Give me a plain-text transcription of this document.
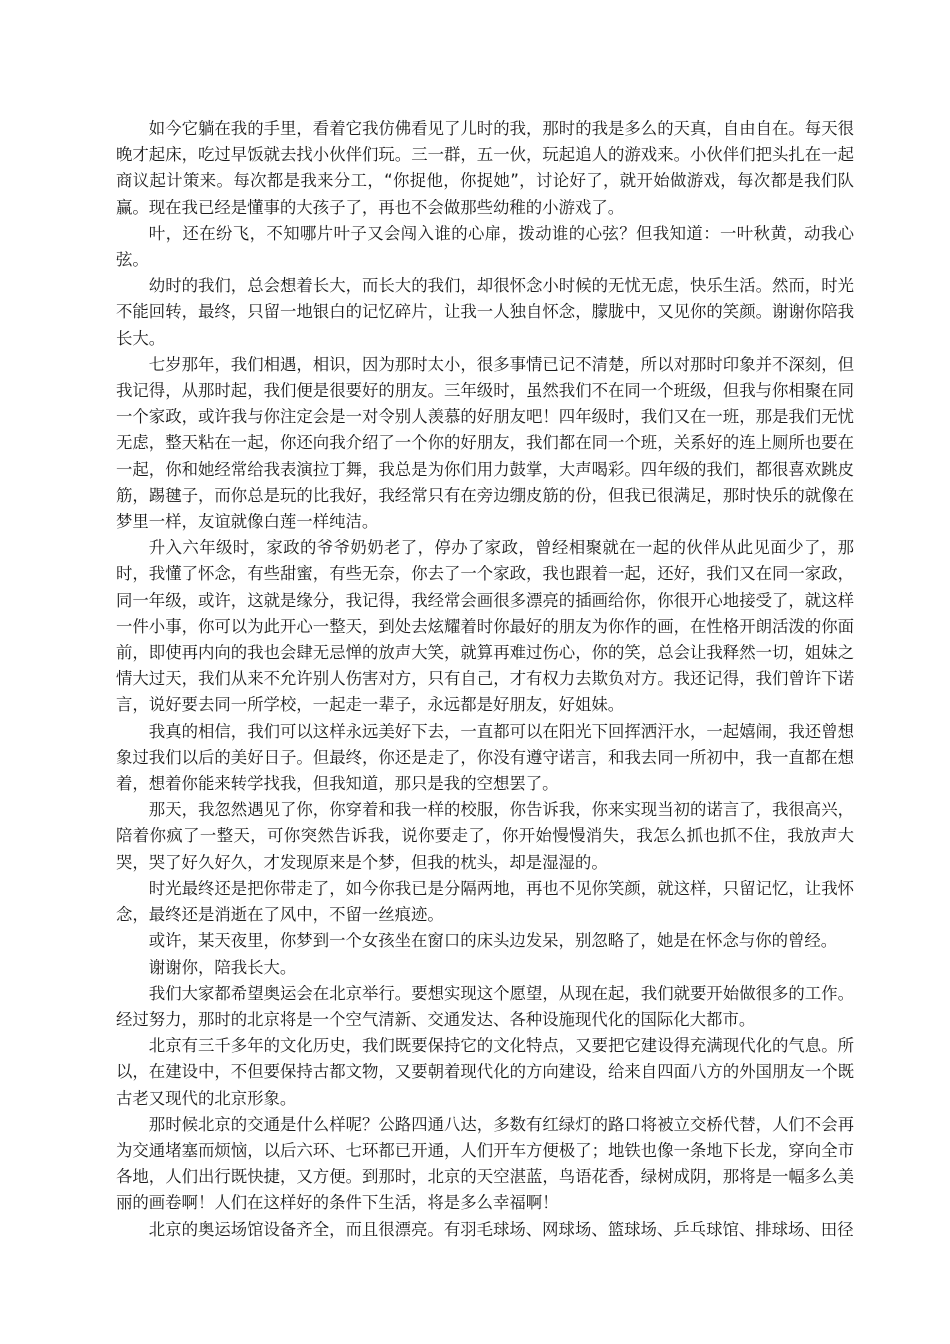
如今它躺在我的手里，看着它我仿佛看见了儿时的我，那时的我是多么的天真，自由自在。每天很晚才起床，吃过早饭就去找小伙伴们玩。三一群，五一伙，玩起追人的游戏来。小伙伴们把头扎在一起商议起计策来。每次都是我来分工，“你捉他，你捉她”，讨论好了，就开始做游戏，每次都是我们队赢。现在我已经是懂事的大孩子了，再也不会做那些幼稚的小游戏了。

叶，还在纷飞，不知哪片叶子又会闯入谁的心扉，拨动谁的心弦？但我知道：一叶秋黄，动我心弦。

幼时的我们，总会想着长大，而长大的我们，却很怀念小时候的无忧无虑，快乐生活。然而，时光不能回转，最终，只留一地银白的记忆碎片，让我一人独自怀念，朦胧中，又见你的笑颜。谢谢你陪我长大。

七岁那年，我们相遇，相识，因为那时太小，很多事情已记不清楚，所以对那时印象并不深刻，但我记得，从那时起，我们便是很要好的朋友。三年级时，虽然我们不在同一个班级，但我与你相聚在同一个家政，或许我与你注定会是一对令别人羡慕的好朋友吧！四年级时，我们又在一班，那是我们无忧无虑，整天粘在一起，你还向我介绍了一个你的好朋友，我们都在同一个班，关系好的连上厕所也要在一起，你和她经常给我表演拉丁舞，我总是为你们用力鼓掌，大声喝彩。四年级的我们，都很喜欢跳皮筋，踢毽子，而你总是玩的比我好，我经常只有在旁边绷皮筋的份，但我已很满足，那时快乐的就像在梦里一样，友谊就像白莲一样纯洁。

升入六年级时，家政的爷爷奶奶老了，停办了家政，曾经相聚就在一起的伙伴从此见面少了，那时，我懂了怀念，有些甜蜜，有些无奈，你去了一个家政，我也跟着一起，还好，我们又在同一家政，同一年级，或许，这就是缘分，我记得，我经常会画很多漂亮的插画给你，你很开心地接受了，就这样一件小事，你可以为此开心一整天，到处去炫耀着时你最好的朋友为你作的画，在性格开朗活泼的你面前，即使再内向的我也会肆无忌惮的放声大笑，就算再难过伤心，你的笑，总会让我释然一切，姐妹之情大过天，我们从来不允许别人伤害对方，只有自己，才有权力去欺负对方。我还记得，我们曾许下诺言，说好要去同一所学校，一起走一辈子，永远都是好朋友，好姐妹。

我真的相信，我们可以这样永远美好下去，一直都可以在阳光下回挥洒汗水，一起嬉闹，我还曾想象过我们以后的美好日子。但最终，你还是走了，你没有遵守诺言，和我去同一所初中，我一直都在想着，想着你能来转学找我，但我知道，那只是我的空想罢了。

那天，我忽然遇见了你，你穿着和我一样的校服，你告诉我，你来实现当初的诺言了，我很高兴，陪着你疯了一整天，可你突然告诉我，说你要走了，你开始慢慢消失，我怎么抓也抓不住，我放声大哭，哭了好久好久，才发现原来是个梦，但我的枕头，却是湿湿的。

时光最终还是把你带走了，如今你我已是分隔两地，再也不见你笑颜，就这样，只留记忆，让我怀念，最终还是消逝在了风中，不留一丝痕迹。

或许，某天夜里，你梦到一个女孩坐在窗口的床头边发呆，别忽略了，她是在怀念与你的曾经。

谢谢你，陪我长大。

我们大家都希望奥运会在北京举行。要想实现这个愿望，从现在起，我们就要开始做很多的工作。经过努力，那时的北京将是一个空气清新、交通发达、各种设施现代化的国际化大都市。

北京有三千多年的文化历史，我们既要保持它的文化特点，又要把它建设得充满现代化的气息。所以，在建设中，不但要保持古都文物，又要朝着现代化的方向建设，给来自四面八方的外国朋友一个既古老又现代的北京形象。

那时候北京的交通是什么样呢？公路四通八达，多数有红绿灯的路口将被立交桥代替，人们不会再为交通堵塞而烦恼，以后六环、七环都已开通，人们开车方便极了；地铁也像一条地下长龙，穿向全市各地，人们出行既快捷，又方便。到那时，北京的天空湛蓝，鸟语花香，绿树成阴，那将是一幅多么美丽的画卷啊！人们在这样好的条件下生活，将是多么幸福啊！

北京的奥运场馆设备齐全，而且很漂亮。有羽毛球场、网球场、篮球场、乒乓球馆、排球场、田径
